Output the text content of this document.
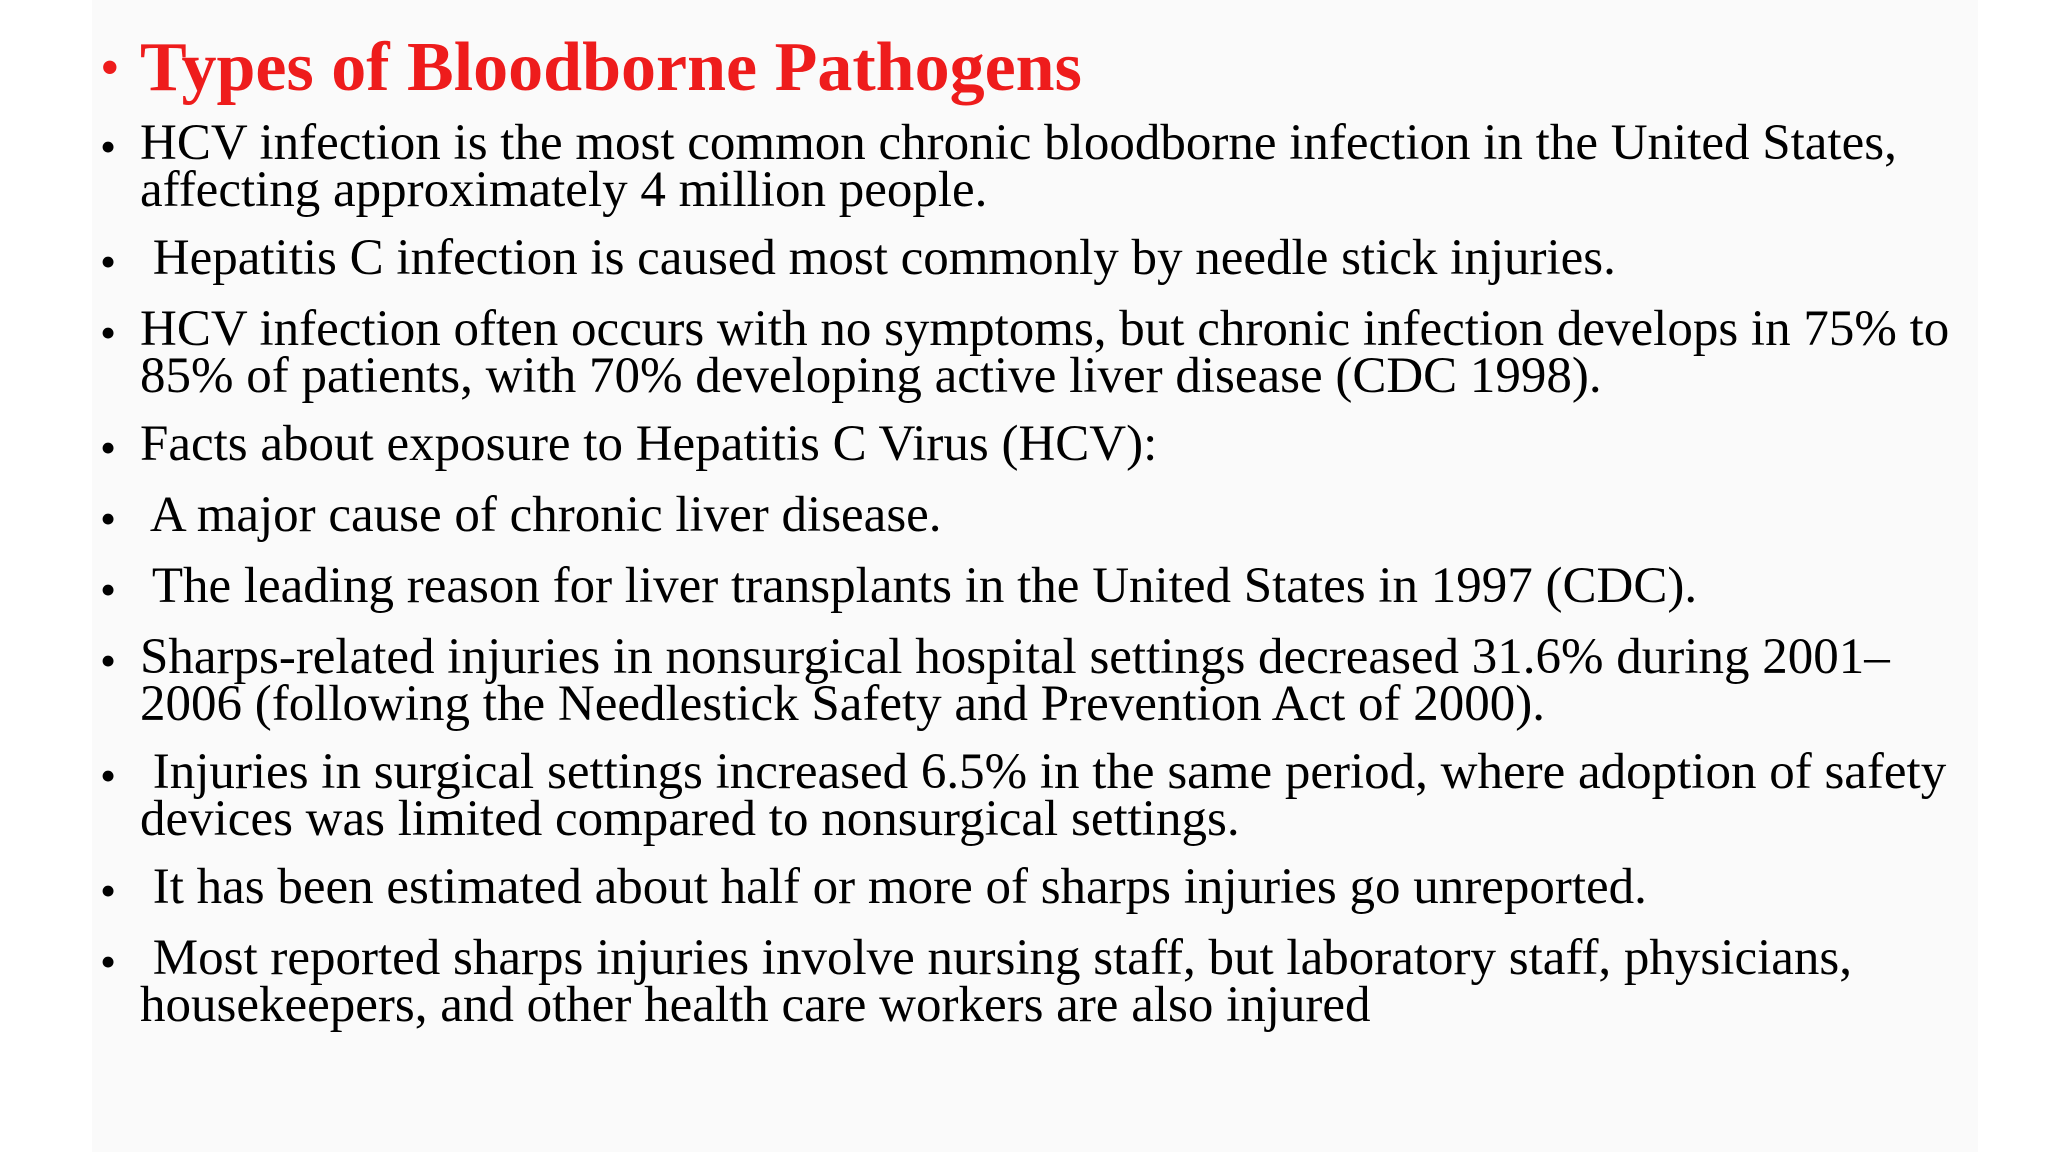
• Types of Bloodborne Pathogens
• HCV infection is the most common chronic bloodborne infection in the United States, affecting approximately 4 million people.
• Hepatitis C infection is caused most commonly by needle stick injuries.
• HCV infection often occurs with no symptoms, but chronic infection develops in 75% to 85% of patients, with 70% developing active liver disease (CDC 1998).
• Facts about exposure to Hepatitis C Virus (HCV):
• A major cause of chronic liver disease.
• The leading reason for liver transplants in the United States in 1997 (CDC).
• Sharps-related injuries in nonsurgical hospital settings decreased 31.6% during 2001– 2006 (following the Needlestick Safety and Prevention Act of 2000).
• Injuries in surgical settings increased 6.5% in the same period, where adoption of safety devices was limited compared to nonsurgical settings.
• It has been estimated about half or more of sharps injuries go unreported.
• Most reported sharps injuries involve nursing staff, but laboratory staff, physicians, housekeepers, and other health care workers are also injured
